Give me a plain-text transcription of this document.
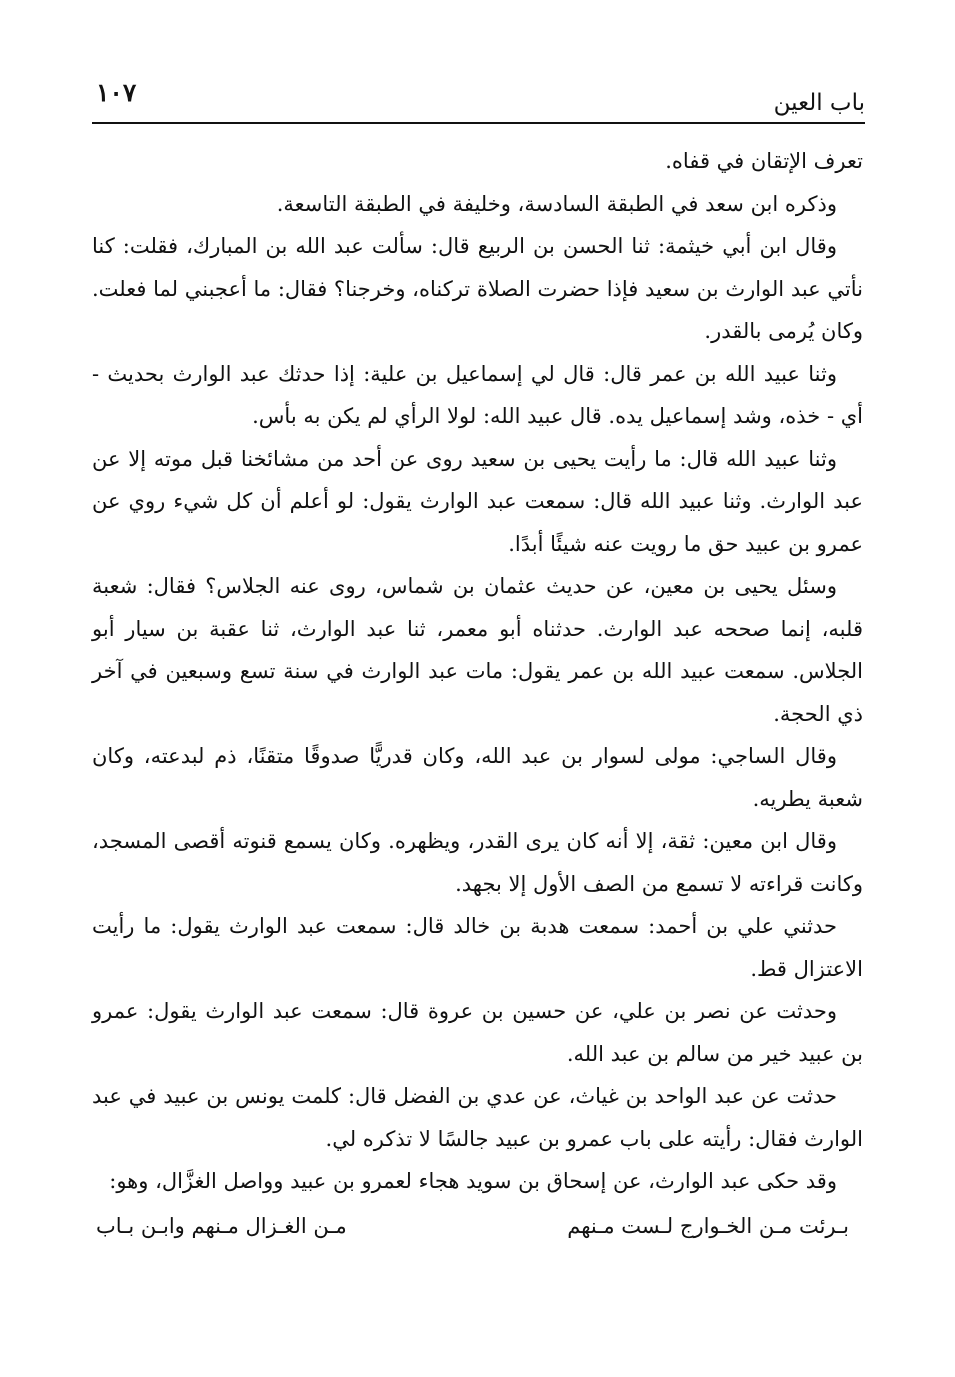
١٠٧	باب العين

تعرف الإتقان في قفاه.

وذكره ابن سعد في الطبقة السادسة، وخليفة في الطبقة التاسعة.

وقال ابن أبي خيثمة: ثنا الحسن بن الربيع قال: سألت عبد الله بن المبارك، فقلت: كنا نأتي عبد الوارث بن سعيد فإذا حضرت الصلاة تركناه، وخرجنا؟ فقال: ما أعجبني لما فعلت. وكان يُرمى بالقدر.

وثنا عبيد الله بن عمر قال: قال لي إسماعيل بن علية: إذا حدثك عبد الوارث بحديث - أي - خذه، وشد إسماعيل يده. قال عبيد الله: لولا الرأي لم يكن به بأس.

وثنا عبيد الله قال: ما رأيت يحيى بن سعيد روى عن أحد من مشائخنا قبل موته إلا عن عبد الوارث. وثنا عبيد الله قال: سمعت عبد الوارث يقول: لو أعلم أن كل شيء روي عن عمرو بن عبيد حق ما رويت عنه شيئًا أبدًا.

وسئل يحيى بن معين، عن حديث عثمان بن شماس، روى عنه الجلاس؟ فقال: شعبة قلبه، إنما صححه عبد الوارث. حدثناه أبو معمر، ثنا عبد الوارث، ثنا عقبة بن سيار أبو الجلاس. سمعت عبيد الله بن عمر يقول: مات عبد الوارث في سنة تسع وسبعين في آخر ذي الحجة.

وقال الساجي: مولى لسوار بن عبد الله، وكان قدريًّا صدوقًا متقنًا، ذم لبدعته، وكان شعبة يطريه.

وقال ابن معين: ثقة، إلا أنه كان يرى القدر، ويظهره. وكان يسمع قنوته أقصى المسجد، وكانت قراءته لا تسمع من الصف الأول إلا بجهد.

حدثني علي بن أحمد: سمعت هدبة بن خالد قال: سمعت عبد الوارث يقول: ما رأيت الاعتزال قط.

وحدثت عن نصر بن علي، عن حسين بن عروة قال: سمعت عبد الوارث يقول: عمرو بن عبيد خير من سالم بن عبد الله.

حدثت عن عبد الواحد بن غياث، عن عدي بن الفضل قال: كلمت يونس بن عبيد في عبد الوارث فقال: رأيته على باب عمرو بن عبيد جالسًا لا تذكره لي.

وقد حكى عبد الوارث، عن إسحاق بن سويد هجاء لعمرو بن عبيد وواصل الغزَّال، وهو:

بـرئت مـن الخـوارج لـست مـنهم
مـن الغـزال مـنهم وابـن بـاب
